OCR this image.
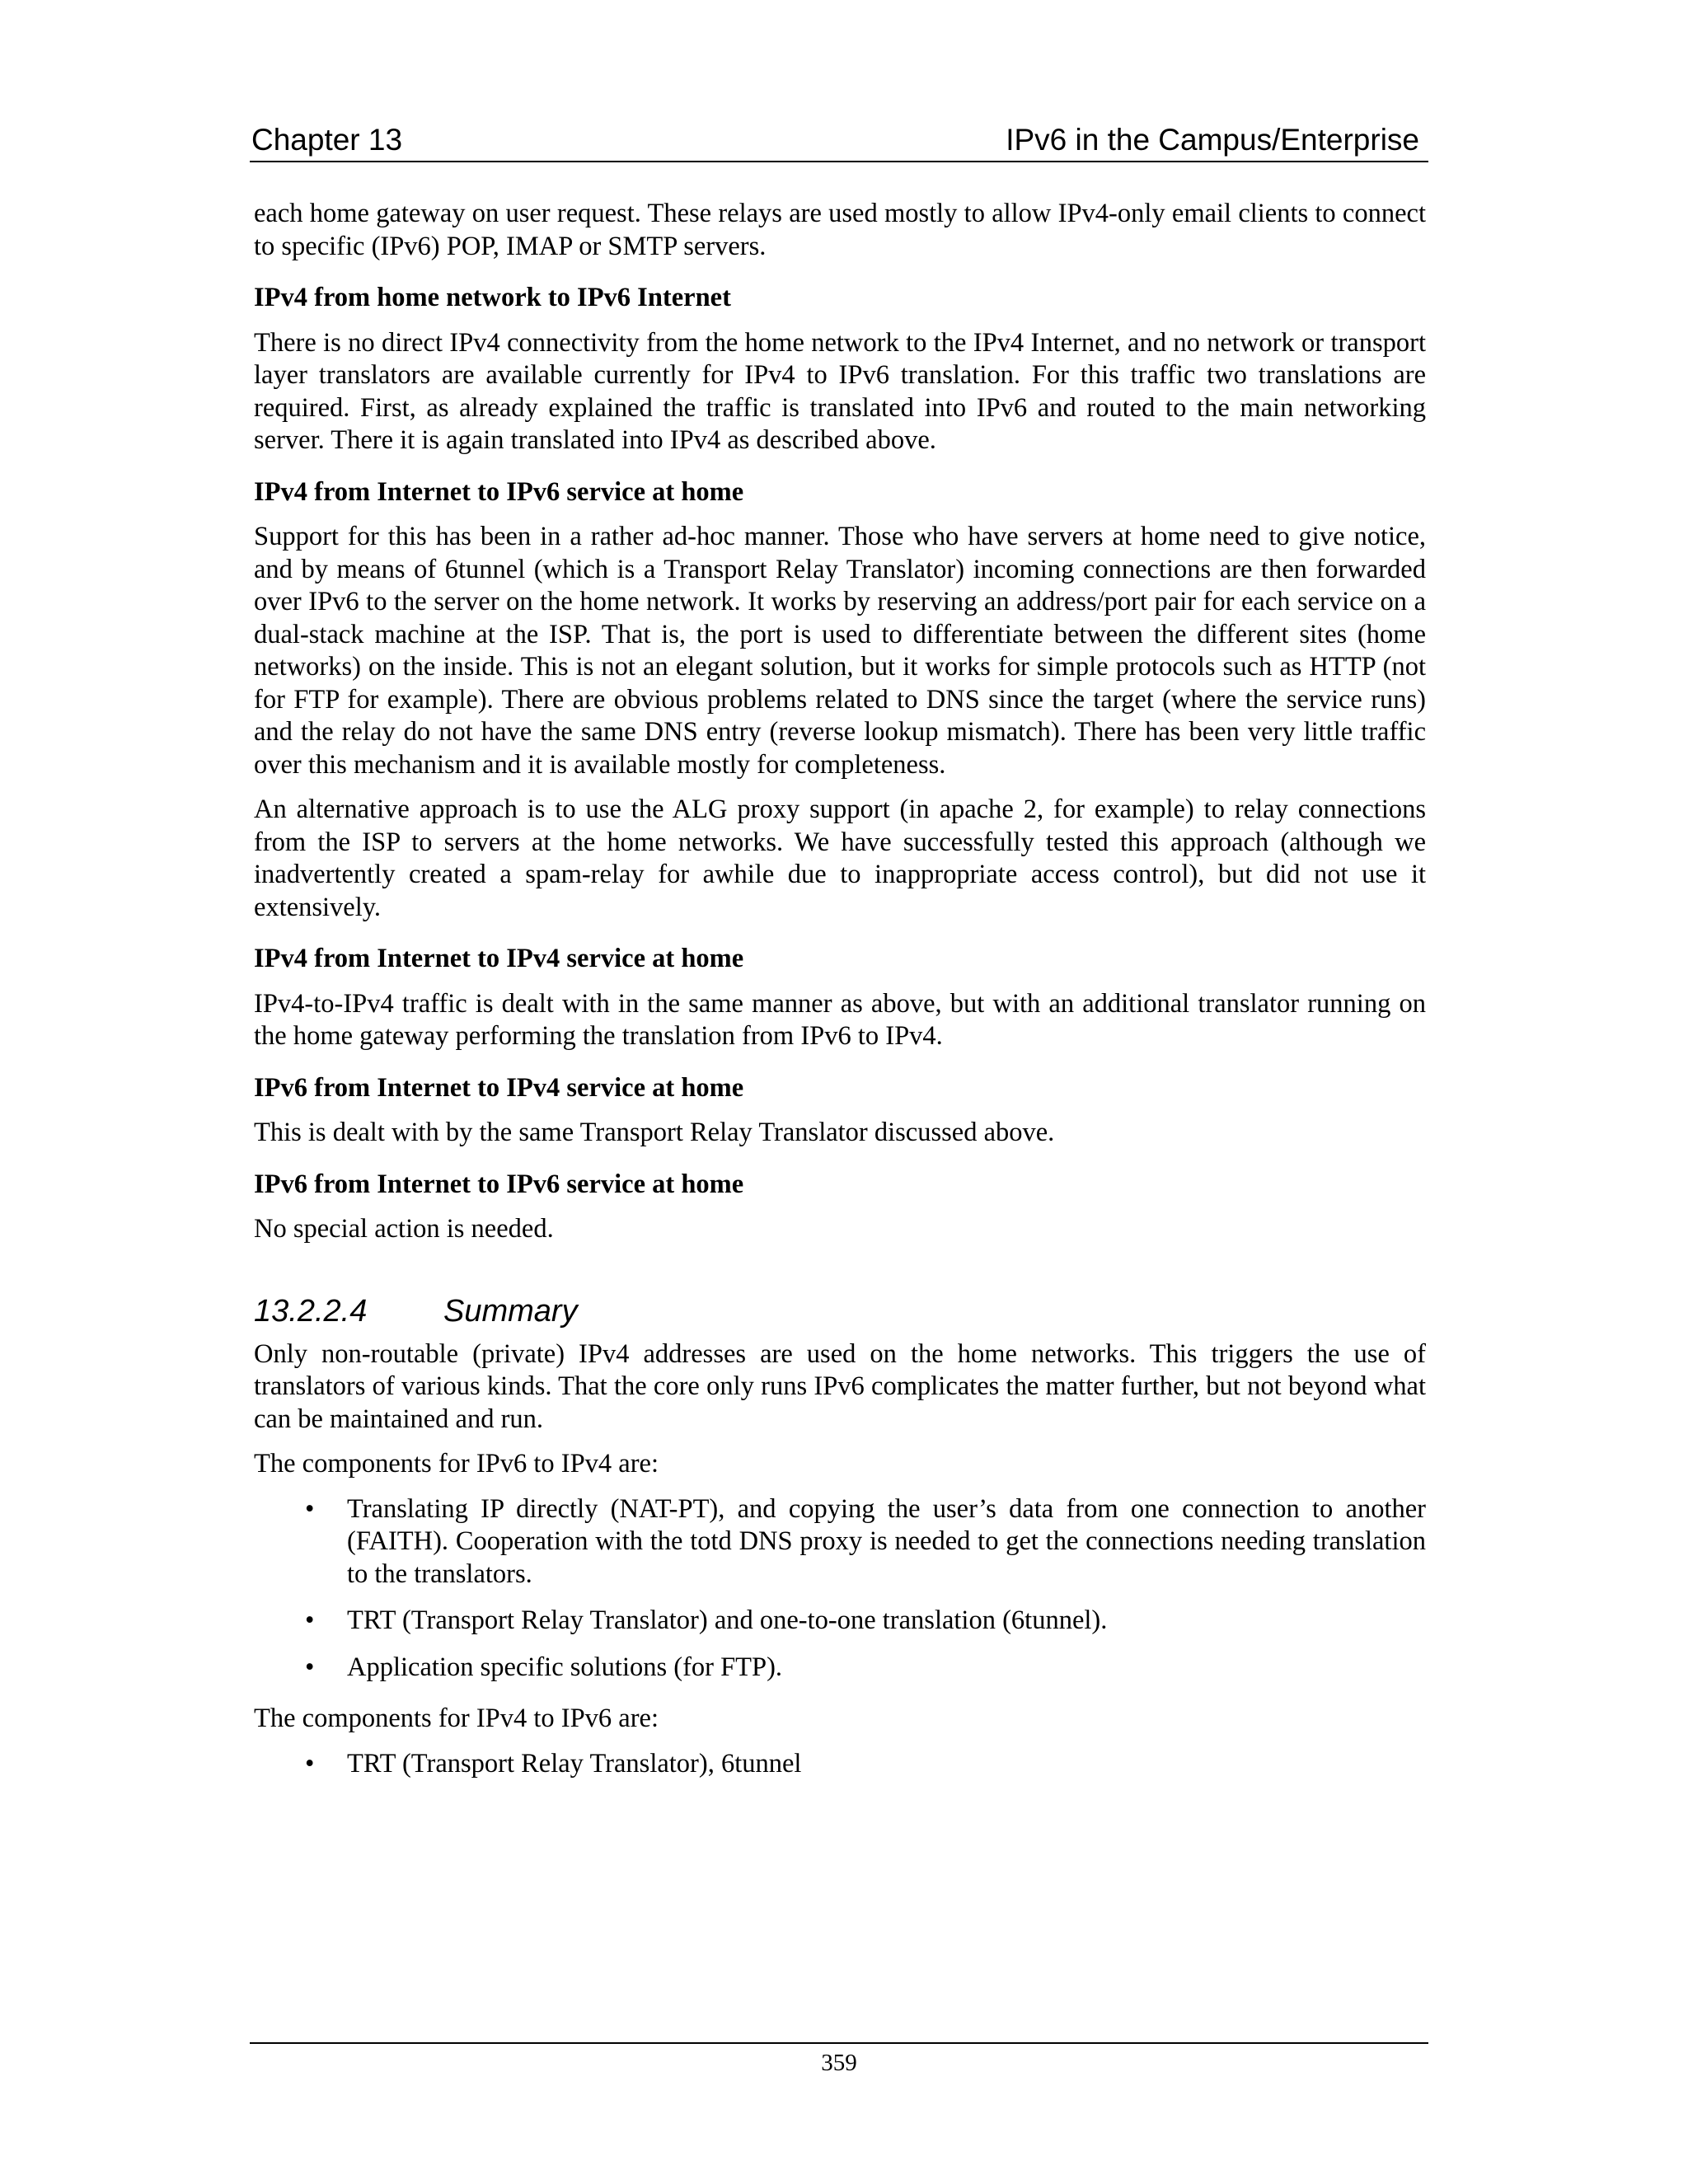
Chapter 13	IPv6 in the Campus/Enterprise

each home gateway on user request. These relays are used mostly to allow IPv4-only email clients to connect to specific (IPv6) POP, IMAP or SMTP servers.

IPv4 from home network to IPv6 Internet

There is no direct IPv4 connectivity from the home network to the IPv4 Internet, and no network or transport layer translators are available currently for IPv4 to IPv6 translation. For this traffic two translations are required. First, as already explained the traffic is translated into IPv6 and routed to the main networking server. There it is again translated into IPv4 as described above.

IPv4 from Internet to IPv6 service at home

Support for this has been in a rather ad-hoc manner. Those who have servers at home need to give notice, and by means of 6tunnel (which is a Transport Relay Translator) incoming connections are then forwarded over IPv6 to the server on the home network. It works by reserving an address/port pair for each service on a dual-stack machine at the ISP. That is, the port is used to differentiate between the different sites (home networks) on the inside. This is not an elegant solution, but it works for simple protocols such as HTTP (not for FTP for example). There are obvious problems related to DNS since the target (where the service runs) and the relay do not have the same DNS entry (reverse lookup mismatch). There has been very little traffic over this mechanism and it is available mostly for completeness.

An alternative approach is to use the ALG proxy support (in apache 2, for example) to relay connections from the ISP to servers at the home networks. We have successfully tested this approach (although we inadvertently created a spam-relay for awhile due to inappropriate access control), but did not use it extensively.

IPv4 from Internet to IPv4 service at home

IPv4-to-IPv4 traffic is dealt with in the same manner as above, but with an additional translator running on the home gateway performing the translation from IPv6 to IPv4.

IPv6 from Internet to IPv4 service at home

This is dealt with by the same Transport Relay Translator discussed above.

IPv6 from Internet to IPv6 service at home

No special action is needed.

13.2.2.4 Summary

Only non-routable (private) IPv4 addresses are used on the home networks. This triggers the use of translators of various kinds. That the core only runs IPv6 complicates the matter further, but not beyond what can be maintained and run.

The components for IPv6 to IPv4 are:

• Translating IP directly (NAT-PT), and copying the user’s data from one connection to another (FAITH). Cooperation with the totd DNS proxy is needed to get the connections needing translation to the translators.
• TRT (Transport Relay Translator) and one-to-one translation (6tunnel).
• Application specific solutions (for FTP).

The components for IPv4 to IPv6 are:

• TRT (Transport Relay Translator), 6tunnel
359
